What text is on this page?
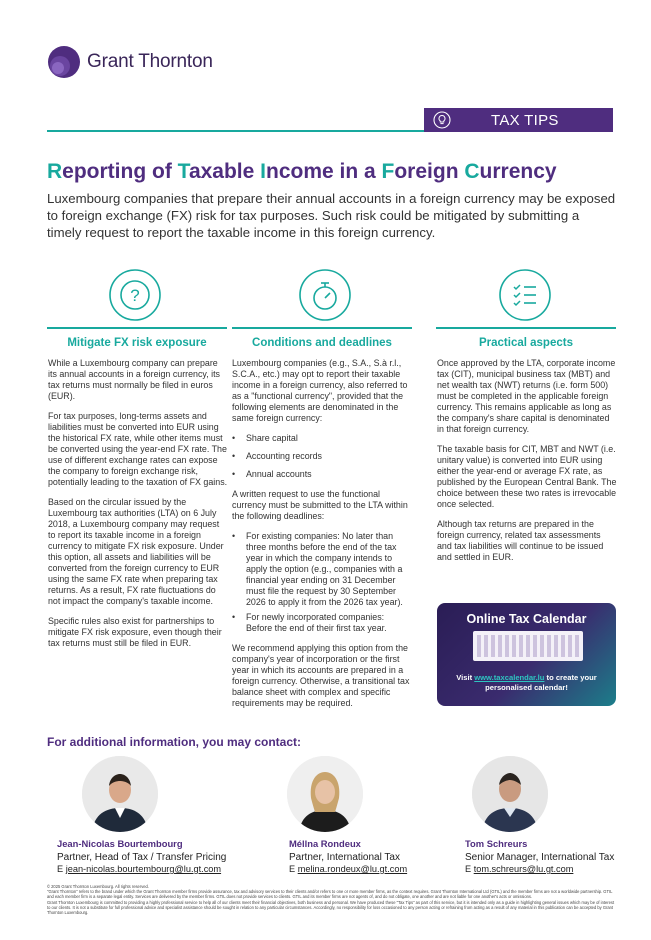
Grant Thornton
TAX TIPS
Reporting of Taxable Income in a Foreign Currency

Luxembourg companies that prepare their annual accounts in a foreign currency may be exposed to foreign exchange (FX) risk for tax purposes. Such risk could be mitigated by submitting a timely request to report the taxable income in this foreign currency.

?
Mitigate FX risk exposure	Conditions and deadlines	Practical aspects

While a Luxembourg company can prepare its annual accounts in a foreign currency, its tax returns must normally be filed in euros (EUR).

For tax purposes, long-terms assets and liabilities must be converted into EUR using the historical FX rate, while other items must be converted using the year-end FX rate. The use of different exchange rates can expose the company to foreign exchange risk, potentially leading to the taxation of FX gains.

Based on the circular issued by the Luxembourg tax authorities (LTA) on 6 July 2018, a Luxembourg company may request to report its taxable income in a foreign currency to mitigate FX risk exposure. Under this option, all assets and liabilities will be converted from the foreign currency to EUR using the same FX rate when preparing tax returns. As a result, FX rate fluctuations do not impact the company's taxable income.

Specific rules also exist for partnerships to mitigate FX risk exposure, even though their tax returns must still be filed in EUR.

Luxembourg companies (e.g., S.A., S.à r.l., S.C.A., etc.) may opt to report their taxable income in a foreign currency, also referred to as a "functional currency", provided that the following elements are denominated in the same foreign currency:

• Share capital
• Accounting records
• Annual accounts

A written request to use the functional currency must be submitted to the LTA within the following deadlines:

• For existing companies: No later than three months before the end of the tax year in which the company intends to apply the option (e.g., companies with a financial year ending on 31 December must file the request by 30 September 2026 to apply it from the 2026 tax year).
• For newly incorporated companies: Before the end of their first tax year.

We recommend applying this option from the company's year of incorporation or the first year in which its accounts are prepared in a foreign currency. Otherwise, a transitional tax balance sheet with complex and specific requirements may be required.

Once approved by the LTA, corporate income tax (CIT), municipal business tax (MBT) and net wealth tax (NWT) returns (i.e. form 500) must be completed in the applicable foreign currency. This remains applicable as long as the company's share capital is denominated in that foreign currency.

The taxable basis for CIT, MBT and NWT (i.e. unitary value) is converted into EUR using either the year-end or average FX rate, as published by the European Central Bank. The choice between these two rates is irrevocable once selected.

Although tax returns are prepared in the foreign currency, related tax assessments and tax liabilities will continue to be issued and settled in EUR.

Online Tax Calendar
Visit www.taxcalendar.lu to create your personalised calendar!
For additional information, you may contact:
Jean-Nicolas Bourtembourg
Partner, Head of Tax / Transfer Pricing
E jean-nicolas.bourtembourg@lu.gt.com
Méllna Rondeux
Partner, International Tax
E melina.rondeux@lu.gt.com
Tom Schreurs
Senior Manager, International Tax
E tom.schreurs@lu.gt.com
© 2025 Grant Thornton Luxembourg. All rights reserved.
"Grant Thornton" refers to the brand under which the Grant Thornton member firms provide assurance, tax and advisory services to their clients and/or refers to one or more member firms, as the context requires. Grant Thornton International Ltd (GTIL) and the member firms are not a worldwide partnership. GTIL and each member firm is a separate legal entity. Services are delivered by the member firms. GTIL does not provide services to clients. GTIL and its member firms are not agents of, and do not obligate, one another and are not liable for one another's acts or omissions.
Grant Thornton Luxembourg is committed to providing a highly professional service to help all of our clients meet their financial objectives, both business and personal. We have produced these "Tax Tips" as part of this service, but it is intended only as a guide in highlighting general issues which may be of interest to our clients. It is not a substitute for full professional advice and specialist assistance should be sought in relation to any particular circumstances. Accordingly, no responsibility for loss occasioned to any person acting or refraining from acting as a result of any material in this publication can be accepted by Grant Thornton Luxembourg.
